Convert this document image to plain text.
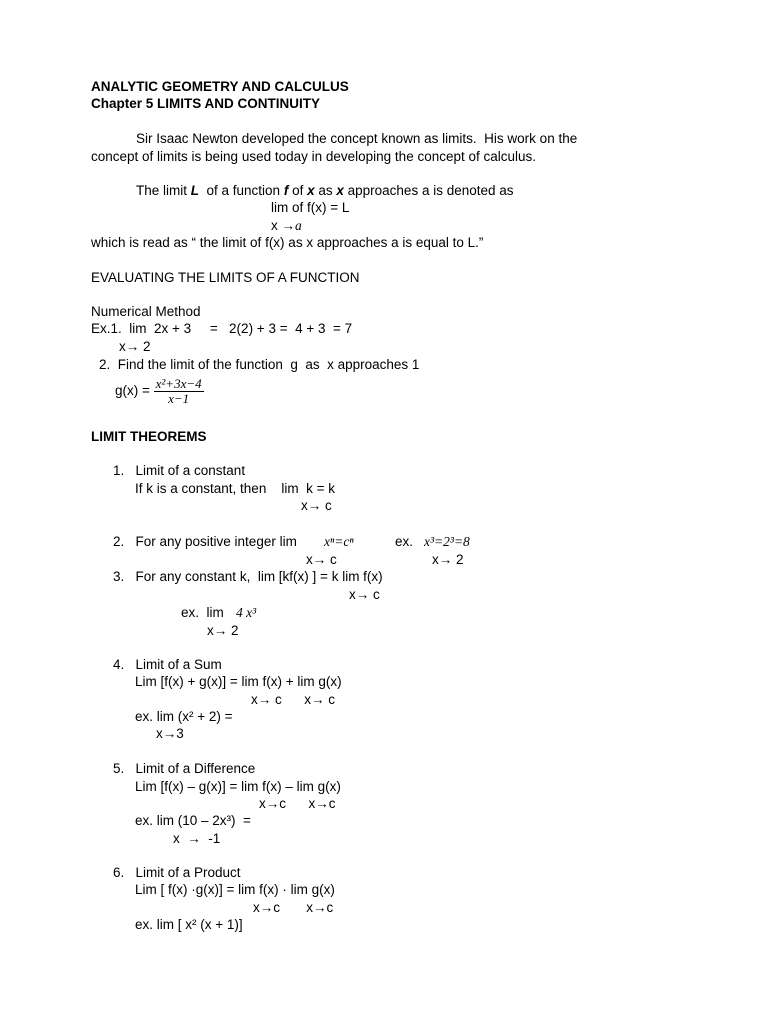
ANALYTIC GEOMETRY AND CALCULUS
Chapter 5 LIMITS AND CONTINUITY
Sir Isaac Newton developed the concept known as limits.  His work on the
concept of limits is being used today in developing the concept of calculus.
The limit L  of a function f of x as x approaches a is denoted as
lim of f(x) = L
x →a
which is read as “ the limit of f(x) as x approaches a is equal to L.”
EVALUATING THE LIMITS OF A FUNCTION
Numerical Method
Ex.1.  lim  2x + 3     =   2(2) + 3 =  4 + 3  = 7
x→ 2
2.  Find the limit of the function  g  as  x approaches 1
$g(x) = \frac{\text{x²+3x−4}}{x-1}$
LIMIT THEOREMS
1.   Limit of a constant
If k is a constant, then    lim  k = k
x→ c
2.   For any positive integer lim xⁿ=cⁿ	ex. x³=2³=8
x→ c	x→ 2
3.   For any constant k,  lim [kf(x) ] = k lim f(x)
x→ c
ex.  lim 4 x³
x→ 2
4.   Limit of a Sum
Lim [f(x) + g(x)] = lim f(x) + lim g(x)
x→ c      x→ c
ex. lim (x² + 2) =
x→3
5.   Limit of a Difference
Lim [f(x) – g(x)] = lim f(x) – lim g(x)
x→c      x→c
ex. lim (10 – 2x³)  =
x  →  -1
6.   Limit of a Product
Lim [ f(x) ·g(x)] = lim f(x) · lim g(x)
x→c       x→c
ex. lim [ x² (x + 1)]
